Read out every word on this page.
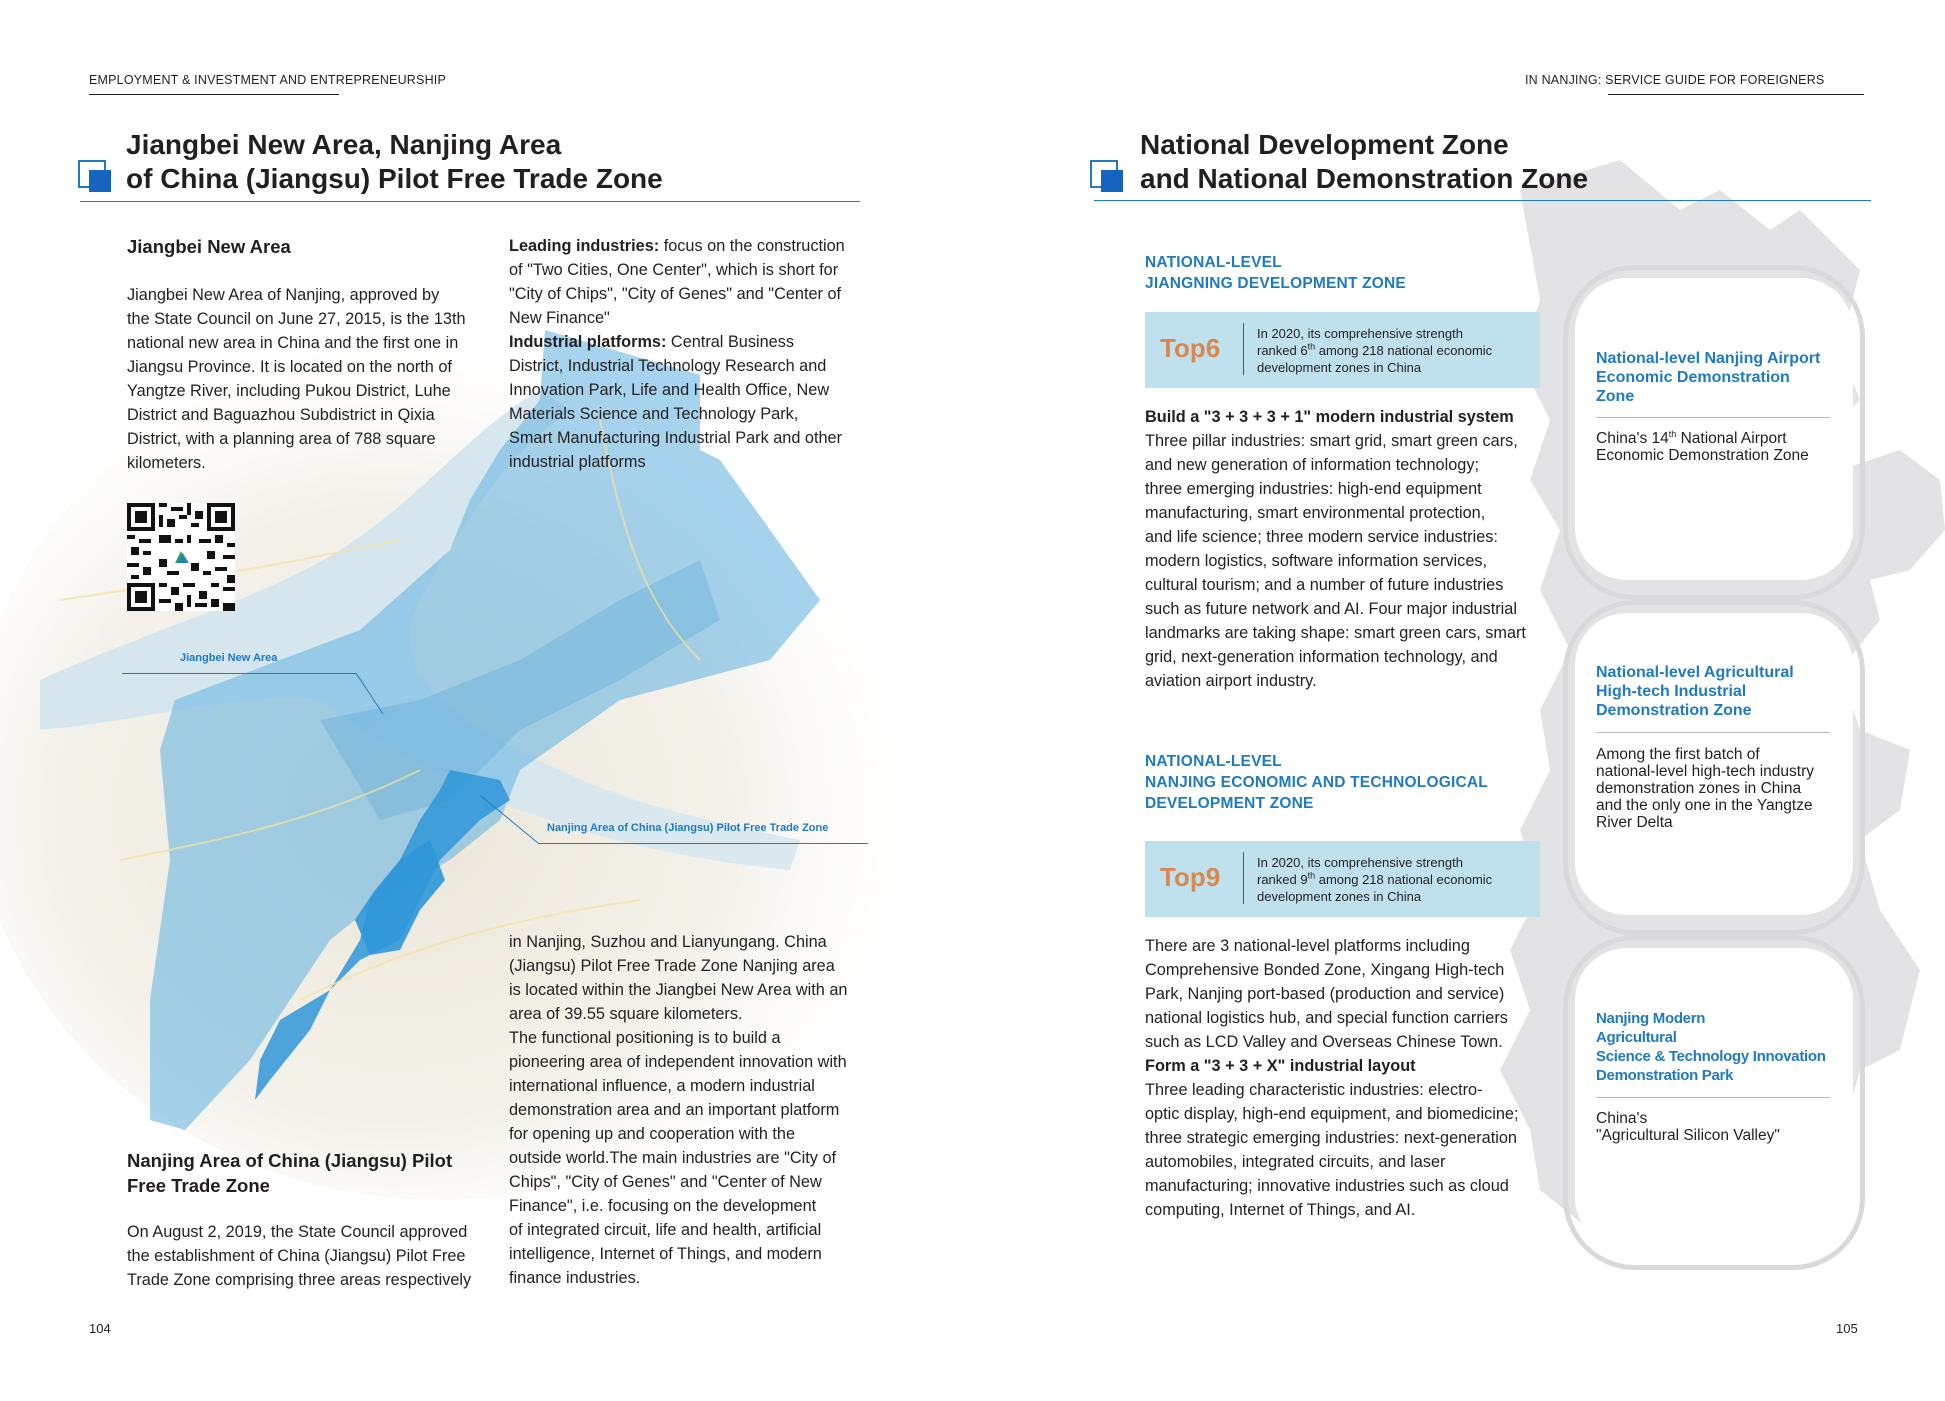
Jiangbei New Area
Nanjing Area of China (Jiangsu) Pilot Free Trade Zone
EMPLOYMENT & INVESTMENT AND ENTREPRENEURSHIP
Jiangbei New Area, Nanjing Area
of China (Jiangsu) Pilot Free Trade Zone
Jiangbei New Area
Jiangbei New Area of Nanjing, approved by
the State Council on June 27, 2015, is the 13th
national new area in China and the first one in
Jiangsu Province. It is located on the north of
Yangtze River, including Pukou District, Luhe
District and Baguazhou Subdistrict in Qixia
District, with a planning area of 788 square
kilometers.
Leading industries: focus on the construction
of "Two Cities, One Center", which is short for
"City of Chips", "City of Genes" and "Center of
New Finance"
Industrial platforms: Central Business
District, Industrial Technology Research and
Innovation Park, Life and Health Office, New
Materials Science and Technology Park,
Smart Manufacturing Industrial Park and other
industrial platforms
Nanjing Area of China (Jiangsu) Pilot
Free Trade Zone
On August 2, 2019, the State Council approved
the establishment of China (Jiangsu) Pilot Free
Trade Zone comprising three areas respectively
in Nanjing, Suzhou and Lianyungang. China
(Jiangsu) Pilot Free Trade Zone Nanjing area
is located within the Jiangbei New Area with an
area of 39.55 square kilometers.
The functional positioning is to build a
pioneering area of independent innovation with
international influence, a modern industrial
demonstration area and an important platform
for opening up and cooperation with the
outside world.The main industries are "City of
Chips", "City of Genes" and "Center of New
Finance", i.e. focusing on the development
of integrated circuit, life and health, artificial
intelligence, Internet of Things, and modern
finance industries.
104
IN NANJING: SERVICE GUIDE FOR FOREIGNERS
National Development Zone
and National Demonstration Zone
NATIONAL-LEVEL
JIANGNING DEVELOPMENT ZONE
Top6	In 2020, its comprehensive strength
ranked 6th among 218 national economic
development zones in China
Build a "3 + 3 + 3 + 1" modern industrial system
Three pillar industries: smart grid, smart green cars,
and new generation of information technology;
three emerging industries: high-end equipment
manufacturing, smart environmental protection,
and life science; three modern service industries:
modern logistics, software information services,
cultural tourism; and a number of future industries
such as future network and AI. Four major industrial
landmarks are taking shape: smart green cars, smart
grid, next-generation information technology, and
aviation airport industry.
NATIONAL-LEVEL
NANJING ECONOMIC AND TECHNOLOGICAL
DEVELOPMENT ZONE
Top9	In 2020, its comprehensive strength
ranked 9th among 218 national economic
development zones in China
There are 3 national-level platforms including
Comprehensive Bonded Zone, Xingang High-tech
Park, Nanjing port-based (production and service)
national logistics hub, and special function carriers
such as LCD Valley and Overseas Chinese Town.
Form a "3 + 3 + X" industrial layout
Three leading characteristic industries: electro-
optic display, high-end equipment, and biomedicine;
three strategic emerging industries: next-generation
automobiles, integrated circuits, and laser
manufacturing; innovative industries such as cloud
computing, Internet of Things, and AI.
National-level Nanjing Airport
Economic Demonstration
Zone
China's 14th National Airport
Economic Demonstration Zone
National-level Agricultural
High-tech Industrial
Demonstration Zone
Among the first batch of
national-level high-tech industry
demonstration zones in China
and the only one in the Yangtze
River Delta
Nanjing Modern
Agricultural
Science & Technology Innovation
Demonstration Park
China's
"Agricultural Silicon Valley"
105
